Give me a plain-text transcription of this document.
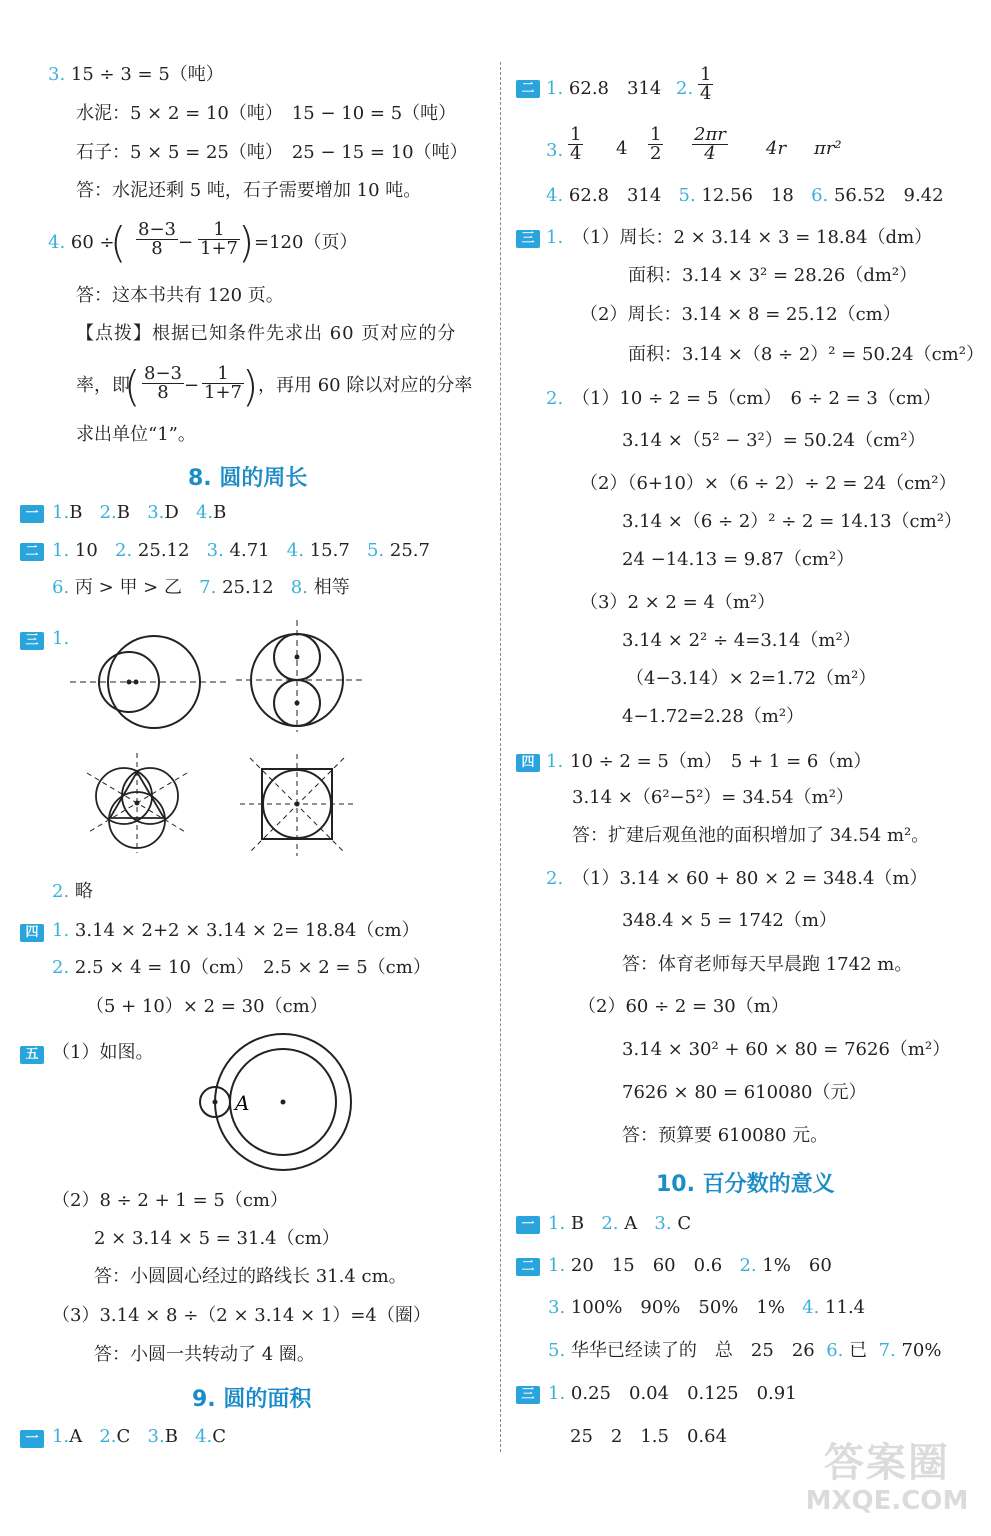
3. 15 ÷ 3 = 5（吨）
水泥：5 × 2 = 10（吨）　15 − 10 = 5（吨）
石子：5 × 5 = 25（吨）　25 − 15 = 10（吨）
答：水泥还剩 5 吨，石子需要增加 10 吨。
4. 60 ÷
( $\frac{8-3}{8} - \frac{1}{1+7}$
) =120（页）
答：这本书共有 120 页。
【点拨】根据已知条件先求出 60 页对应的分
率，即
( $\frac{8-3}{8} - \frac{1}{1+7}$
) ，再用 60 除以对应的分率
求出单位“1”。
8. 圆的周长
一 1.B 2.B 3.D 4.B
二 1. 10 2. 25.12 3. 4.71 4. 15.7 5. 25.7
6. 丙 > 甲 > 乙 7. 25.12 8. 相等
三 1.
2. 略
四 1. 3.14 × 2+2 × 3.14 × 2= 18.84（cm）
2. 2.5 × 4 = 10（cm）　2.5 × 2 = 5（cm）
（5 + 10）× 2 = 30（cm）
五 （1）如图。
A
（2）8 ÷ 2 + 1 = 5（cm）
2 × 3.14 × 5 = 31.4（cm）
答：小圆圆心经过的路线长 31.4 cm。
（3）3.14 × 8 ÷（2 × 3.14 × 1）=4（圈）
答：小圆一共转动了 4 圈。
9. 圆的面积
一 1.A 2.C 3.B 4.C
二 1. 62.8　314 2. $\frac{1}{4}$
3. $\frac{1}{4} 4 \frac{1}{2} \frac{2\pi r}{4} 4r$ πr²
4. 62.8　314 5. 12.56　18 6. 56.52　9.42
三 1. （1）周长：2 × 3.14 × 3 = 18.84（dm）
面积：3.14 × 3² = 28.26（dm²）
（2）周长：3.14 × 8 = 25.12（cm）
面积：3.14 ×（8 ÷ 2）² = 50.24（cm²）
2. （1）10 ÷ 2 = 5（cm）　6 ÷ 2 = 3（cm）
3.14 ×（5² − 3²）= 50.24（cm²）
（2）（6+10）×（6 ÷ 2）÷ 2 = 24（cm²）
3.14 ×（6 ÷ 2）² ÷ 2 = 14.13（cm²）
24 −14.13 = 9.87（cm²）
（3）2 × 2 = 4（m²）
3.14 × 2² ÷ 4=3.14（m²）
（4−3.14）× 2=1.72（m²）
4−1.72=2.28（m²）
四 1. 10 ÷ 2 = 5（m）　5 + 1 = 6（m）
3.14 ×（6²−5²）= 34.54（m²）
答：扩建后观鱼池的面积增加了 34.54 m²。
2. （1）3.14 × 60 + 80 × 2 = 348.4（m）
348.4 × 5 = 1742（m）
答：体育老师每天早晨跑 1742 m。
（2）60 ÷ 2 = 30（m）
3.14 × 30² + 60 × 80 = 7626（m²）
7626 × 80 = 610080（元）
答：预算要 610080 元。
10. 百分数的意义
一 1. B 2. A 3. C
二 1. 20　15　60　0.6 2. 1%　60
3. 100%　90%　50%　1% 4. 11.4
5. 华华已经读了的　总　25　26 6. 已 7. 70%
三 1. 0.25　0.04　0.125　0.91
25　2　1.5　0.64
答案圈
MXQE.COM
